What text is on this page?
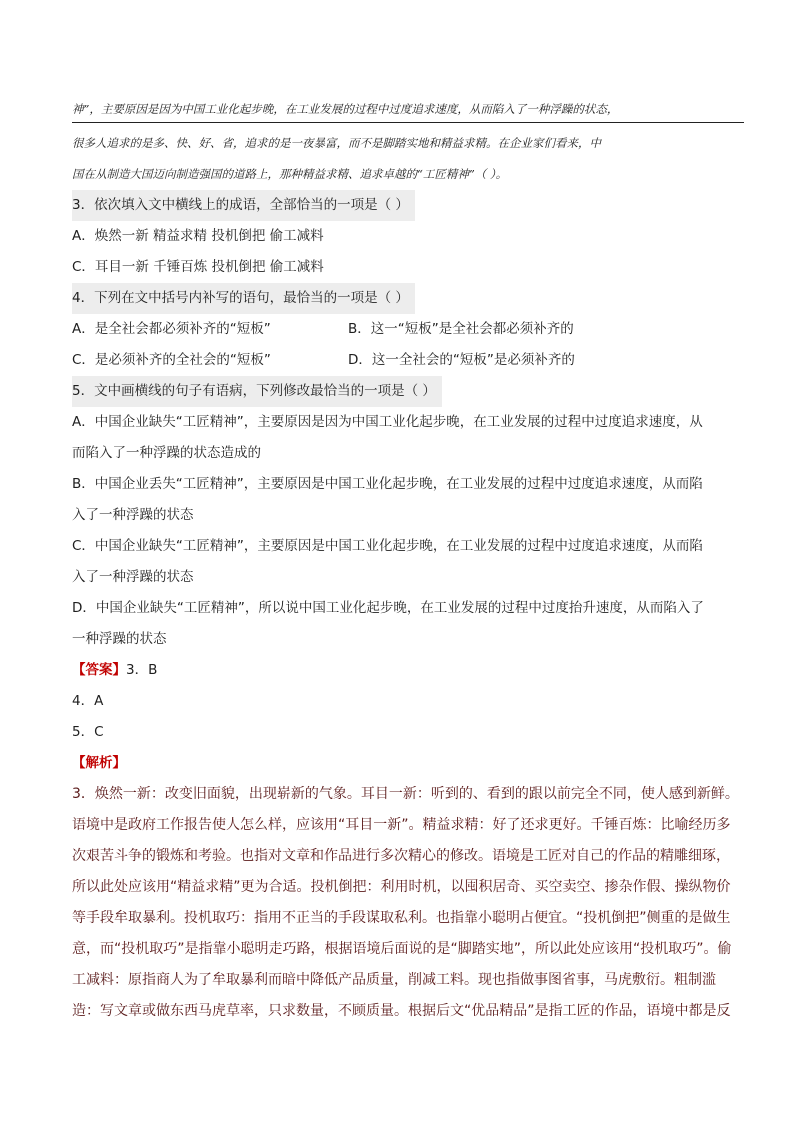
神”，主要原因是因为中国工业化起步晚，在工业发展的过程中过度追求速度，从而陷入了一种浮躁的状态，
很多人追求的是多、快、好、省，追求的是一夜暴富，而不是脚踏实地和精益求精。在企业家们看来，中
国在从制造大国迈向制造强国的道路上，那种精益求精、追求卓越的“工匠精神”（ ）。
3．依次填入文中横线上的成语，全部恰当的一项是（ ）
A．焕然一新 精益求精 投机倒把 偷工减料
C．耳目一新 千锤百炼 投机倒把 偷工减料
4．下列在文中括号内补写的语句，最恰当的一项是（ ）
A．是全社会都必须补齐的“短板”	B．这一“短板”是全社会都必须补齐的
C．是必须补齐的全社会的“短板”	D．这一全社会的“短板”是必须补齐的
5．文中画横线的句子有语病，下列修改最恰当的一项是（ ）
A．中国企业缺失“工匠精神”，主要原因是因为中国工业化起步晚，在工业发展的过程中过度追求速度，从
而陷入了一种浮躁的状态造成的
B．中国企业丢失“工匠精神”，主要原因是中国工业化起步晚，在工业发展的过程中过度追求速度，从而陷
入了一种浮躁的状态
C．中国企业缺失“工匠精神”，主要原因是中国工业化起步晚，在工业发展的过程中过度追求速度，从而陷
入了一种浮躁的状态
D．中国企业缺失“工匠精神”，所以说中国工业化起步晚，在工业发展的过程中过度抬升速度，从而陷入了
一种浮躁的状态
【答案】3．B
4．A
5．C
【解析】
3．焕然一新：改变旧面貌，出现崭新的气象。耳目一新：听到的、看到的跟以前完全不同，使人感到新鲜。
语境中是政府工作报告使人怎么样，应该用“耳目一新”。精益求精：好了还求更好。千锤百炼：比喻经历多
次艰苦斗争的锻炼和考验。也指对文章和作品进行多次精心的修改。语境是工匠对自己的作品的精雕细琢，
所以此处应该用“精益求精”更为合适。投机倒把：利用时机，以囤积居奇、买空卖空、掺杂作假、操纵物价
等手段牟取暴利。投机取巧：指用不正当的手段谋取私利。也指靠小聪明占便宜。“投机倒把”侧重的是做生
意，而“投机取巧”是指靠小聪明走巧路，根据语境后面说的是“脚踏实地”，所以此处应该用“投机取巧”。偷
工减料：原指商人为了牟取暴利而暗中降低产品质量，削减工料。现也指做事图省事，马虎敷衍。粗制滥
造：写文章或做东西马虎草率，只求数量，不顾质量。根据后文“优品精品”是指工匠的作品，语境中都是反
